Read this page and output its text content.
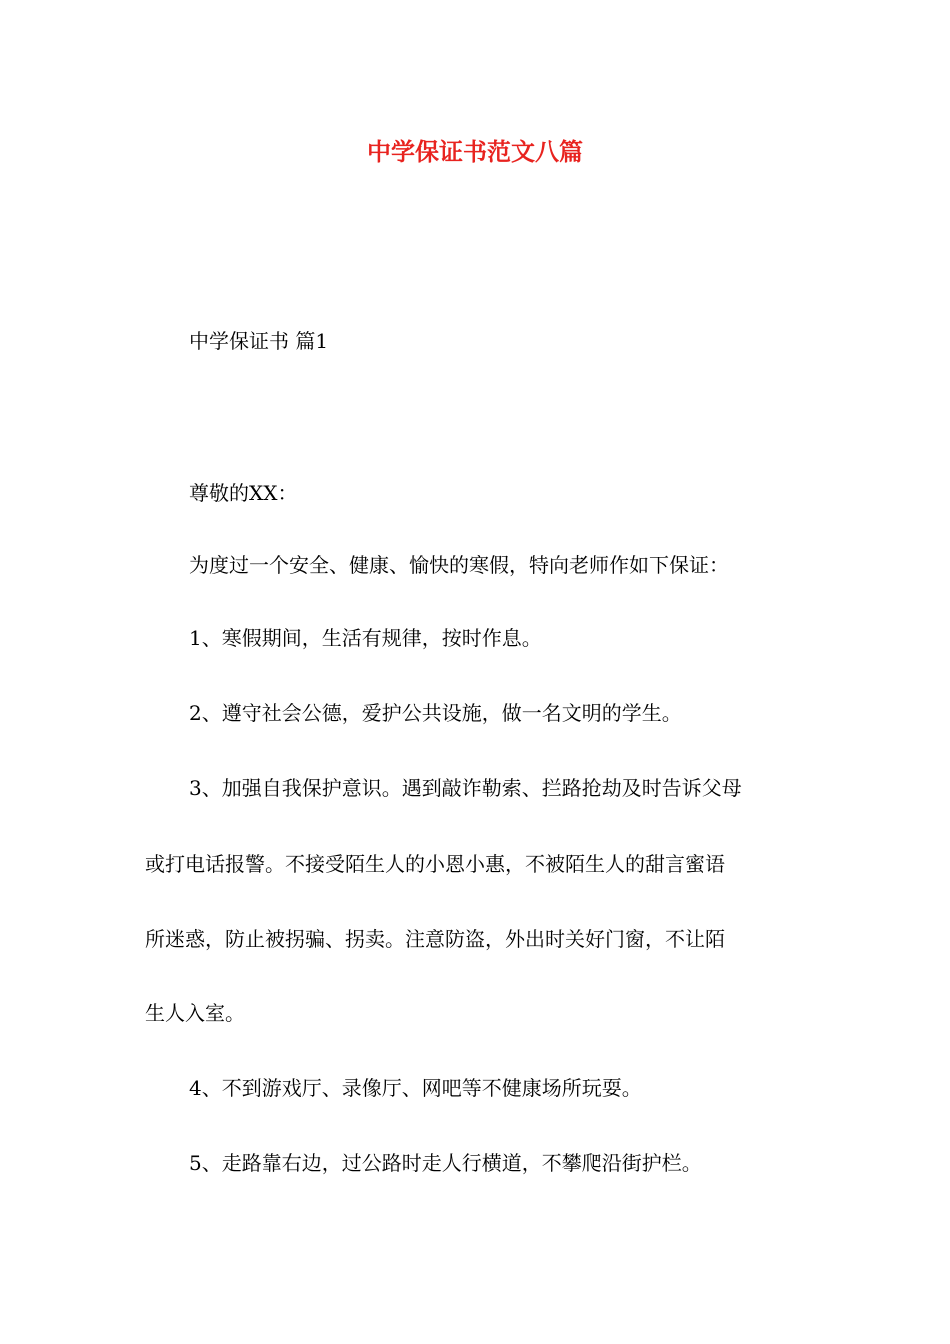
中学保证书范文八篇
中学保证书 篇1
尊敬的XX：
为度过一个安全、健康、愉快的寒假，特向老师作如下保证：
1、寒假期间，生活有规律，按时作息。
2、遵守社会公德，爱护公共设施，做一名文明的学生。
3、加强自我保护意识。遇到敲诈勒索、拦路抢劫及时告诉父母
或打电话报警。不接受陌生人的小恩小惠，不被陌生人的甜言蜜语
所迷惑，防止被拐骗、拐卖。注意防盗，外出时关好门窗，不让陌
生人入室。
4、不到游戏厅、录像厅、网吧等不健康场所玩耍。
5、走路靠右边，过公路时走人行横道，不攀爬沿街护栏。
